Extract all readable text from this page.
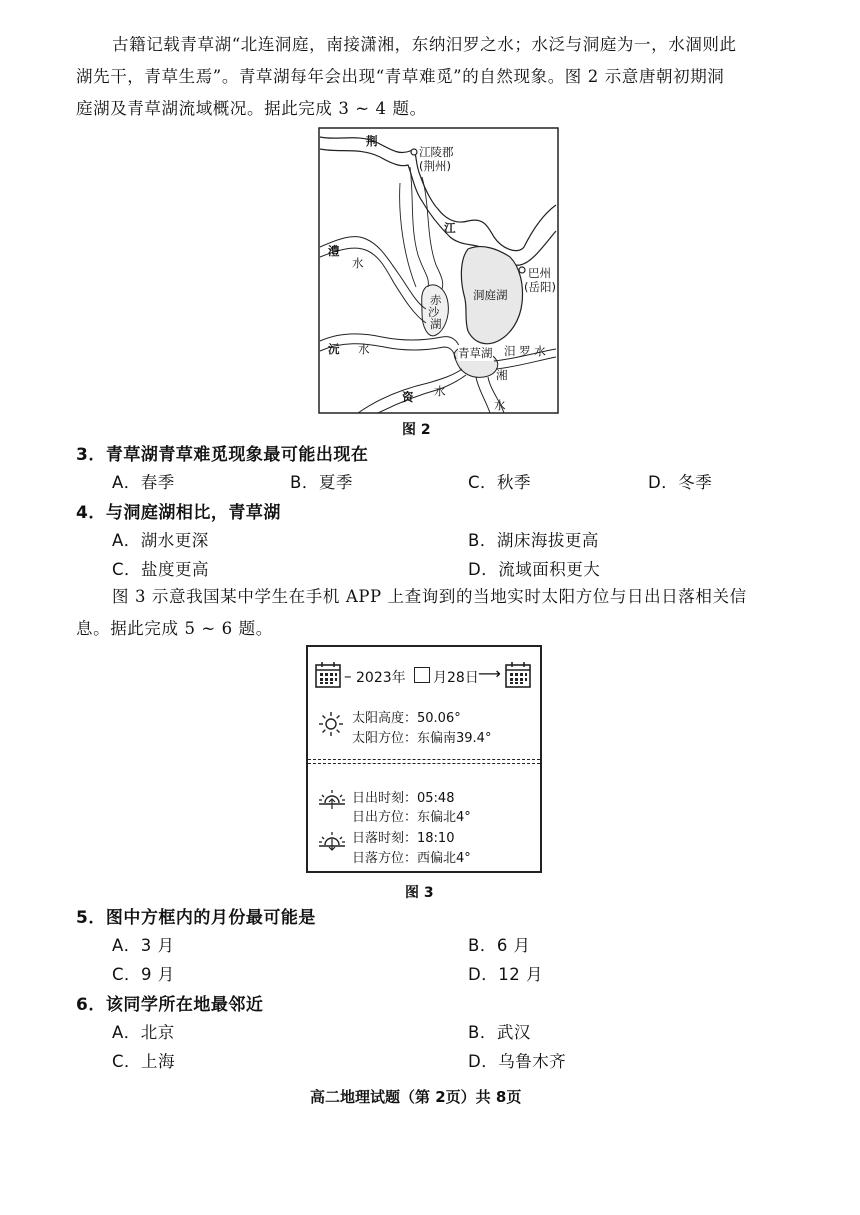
古籍记载青草湖“北连洞庭，南接潇湘，东纳汨罗之水；水泛与洞庭为一，水涸则此
湖先干，青草生焉”。青草湖每年会出现“青草难觅”的自然现象。图 2 示意唐朝初期洞
庭湖及青草湖流域概况。据此完成 3 ~ 4 题。
荆
江陵郡
(荆州)
江
澧
水
赤
沙
湖
洞庭湖
巴州
(岳阳)
沅 水	青草湖 汨 罗 水
湘
水
资 水
图 2
3．青草湖青草难觅现象最可能出现在
A．春季	B．夏季	C．秋季	D．冬季
4．与洞庭湖相比，青草湖
A．湖水更深	B．湖床海拔更高
C．盐度更高	D．流域面积更大
图 3 示意我国某中学生在手机 APP 上查询到的当地实时太阳方位与日出日落相关信
息。据此完成 5 ~ 6 题。
– 2023年 月28日 ⟶
太阳高度：50.06°
太阳方位：东偏南39.4°
日出时刻：05:48
日出方位：东偏北4°
日落时刻：18:10
日落方位：西偏北4°
图 3
5．图中方框内的月份最可能是
A．3 月	B．6 月
C．9 月	D．12 月
6．该同学所在地最邻近
A．北京	B．武汉
C．上海	D．乌鲁木齐
高二地理试题（第 2页）共 8页
